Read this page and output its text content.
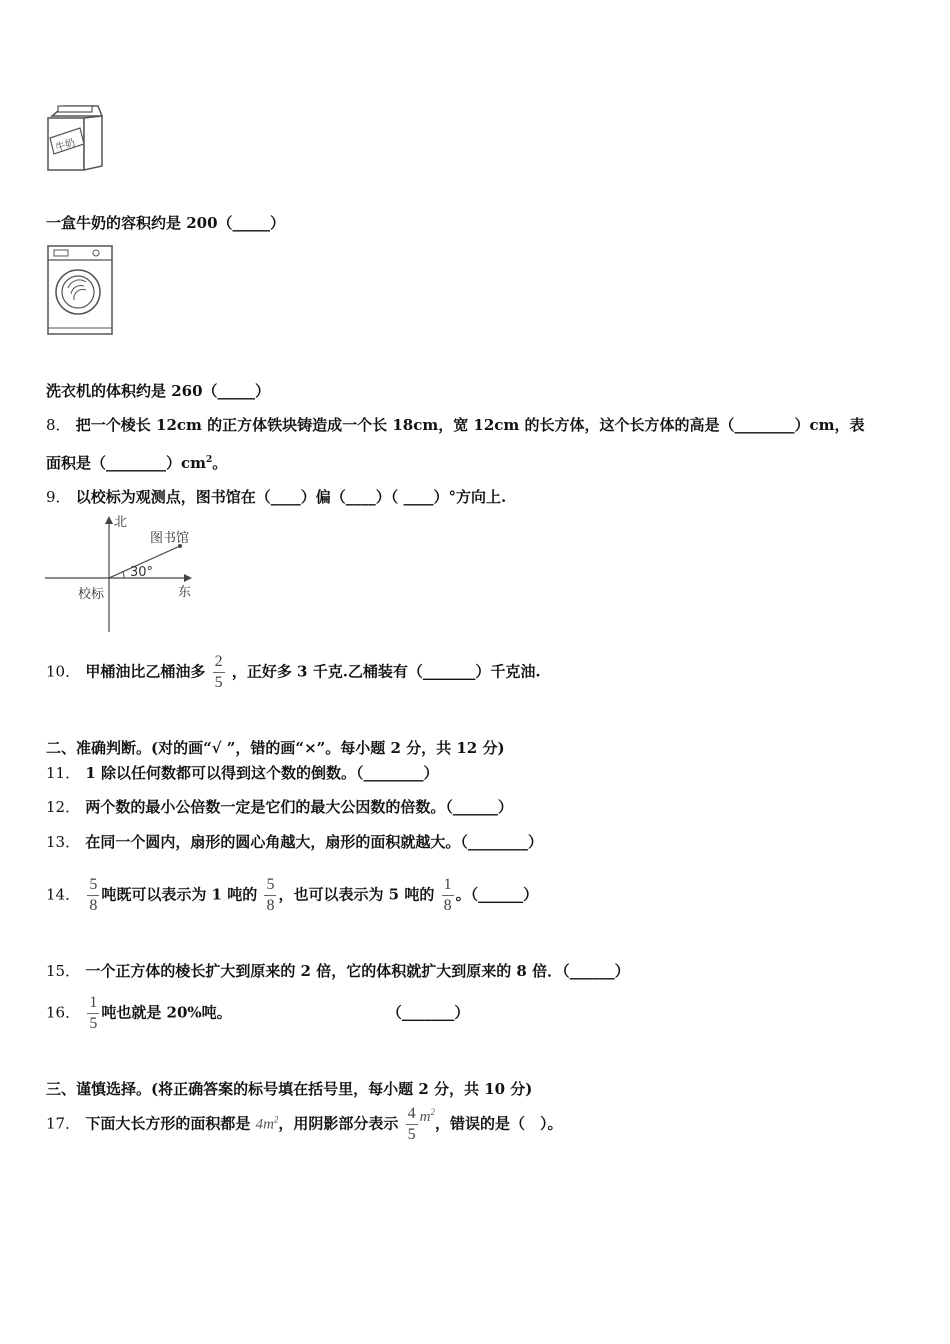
牛奶
一盒牛奶的容积约是 200（_____）
洗衣机的体积约是 260（_____）
8． 把一个棱长 12cm 的正方体铁块铸造成一个长 18cm，宽 12cm 的长方体，这个长方体的高是（________）cm，表
面积是$(\_\_\_\_\_\_\_\_)cm^2$。
9． 以校标为观测点，图书馆在（____）偏（____）（ ____）°方向上.
北
图书馆
30°
校标	东
10． 甲桶油比乙桶油多 $\frac{2}{5}$ ，正好多 3 千克.乙桶装有（_______）千克油.
二、准确判断。(对的画“√ ”，错的画“×”。每小题 2 分，共 12 分)
11． 1 除以任何数都可以得到这个数的倒数。（________）
12． 两个数的最小公倍数一定是它们的最大公因数的倍数。（______）
13． 在同一个圆内，扇形的圆心角越大，扇形的面积就越大。（________）
14． $\frac{5}{8}$ 吨既可以表示为 1 吨的 $\frac{5}{8}$ ，也可以表示为 5 吨的 $\frac{1}{8}$ 。（______）
15． 一个正方体的棱长扩大到原来的 2 倍，它的体积就扩大到原来的 8 倍．（______）
16． $\frac{1}{5}$ 吨也就是 20%吨。	（_______）
三、谨慎选择。(将正确答案的标号填在括号里，每小题 2 分，共 10 分)
17． 下面大长方形的面积都是 $4m^2$，用阴影部分表示 $\frac{4}{5} m^2$，错误的是（　）。
